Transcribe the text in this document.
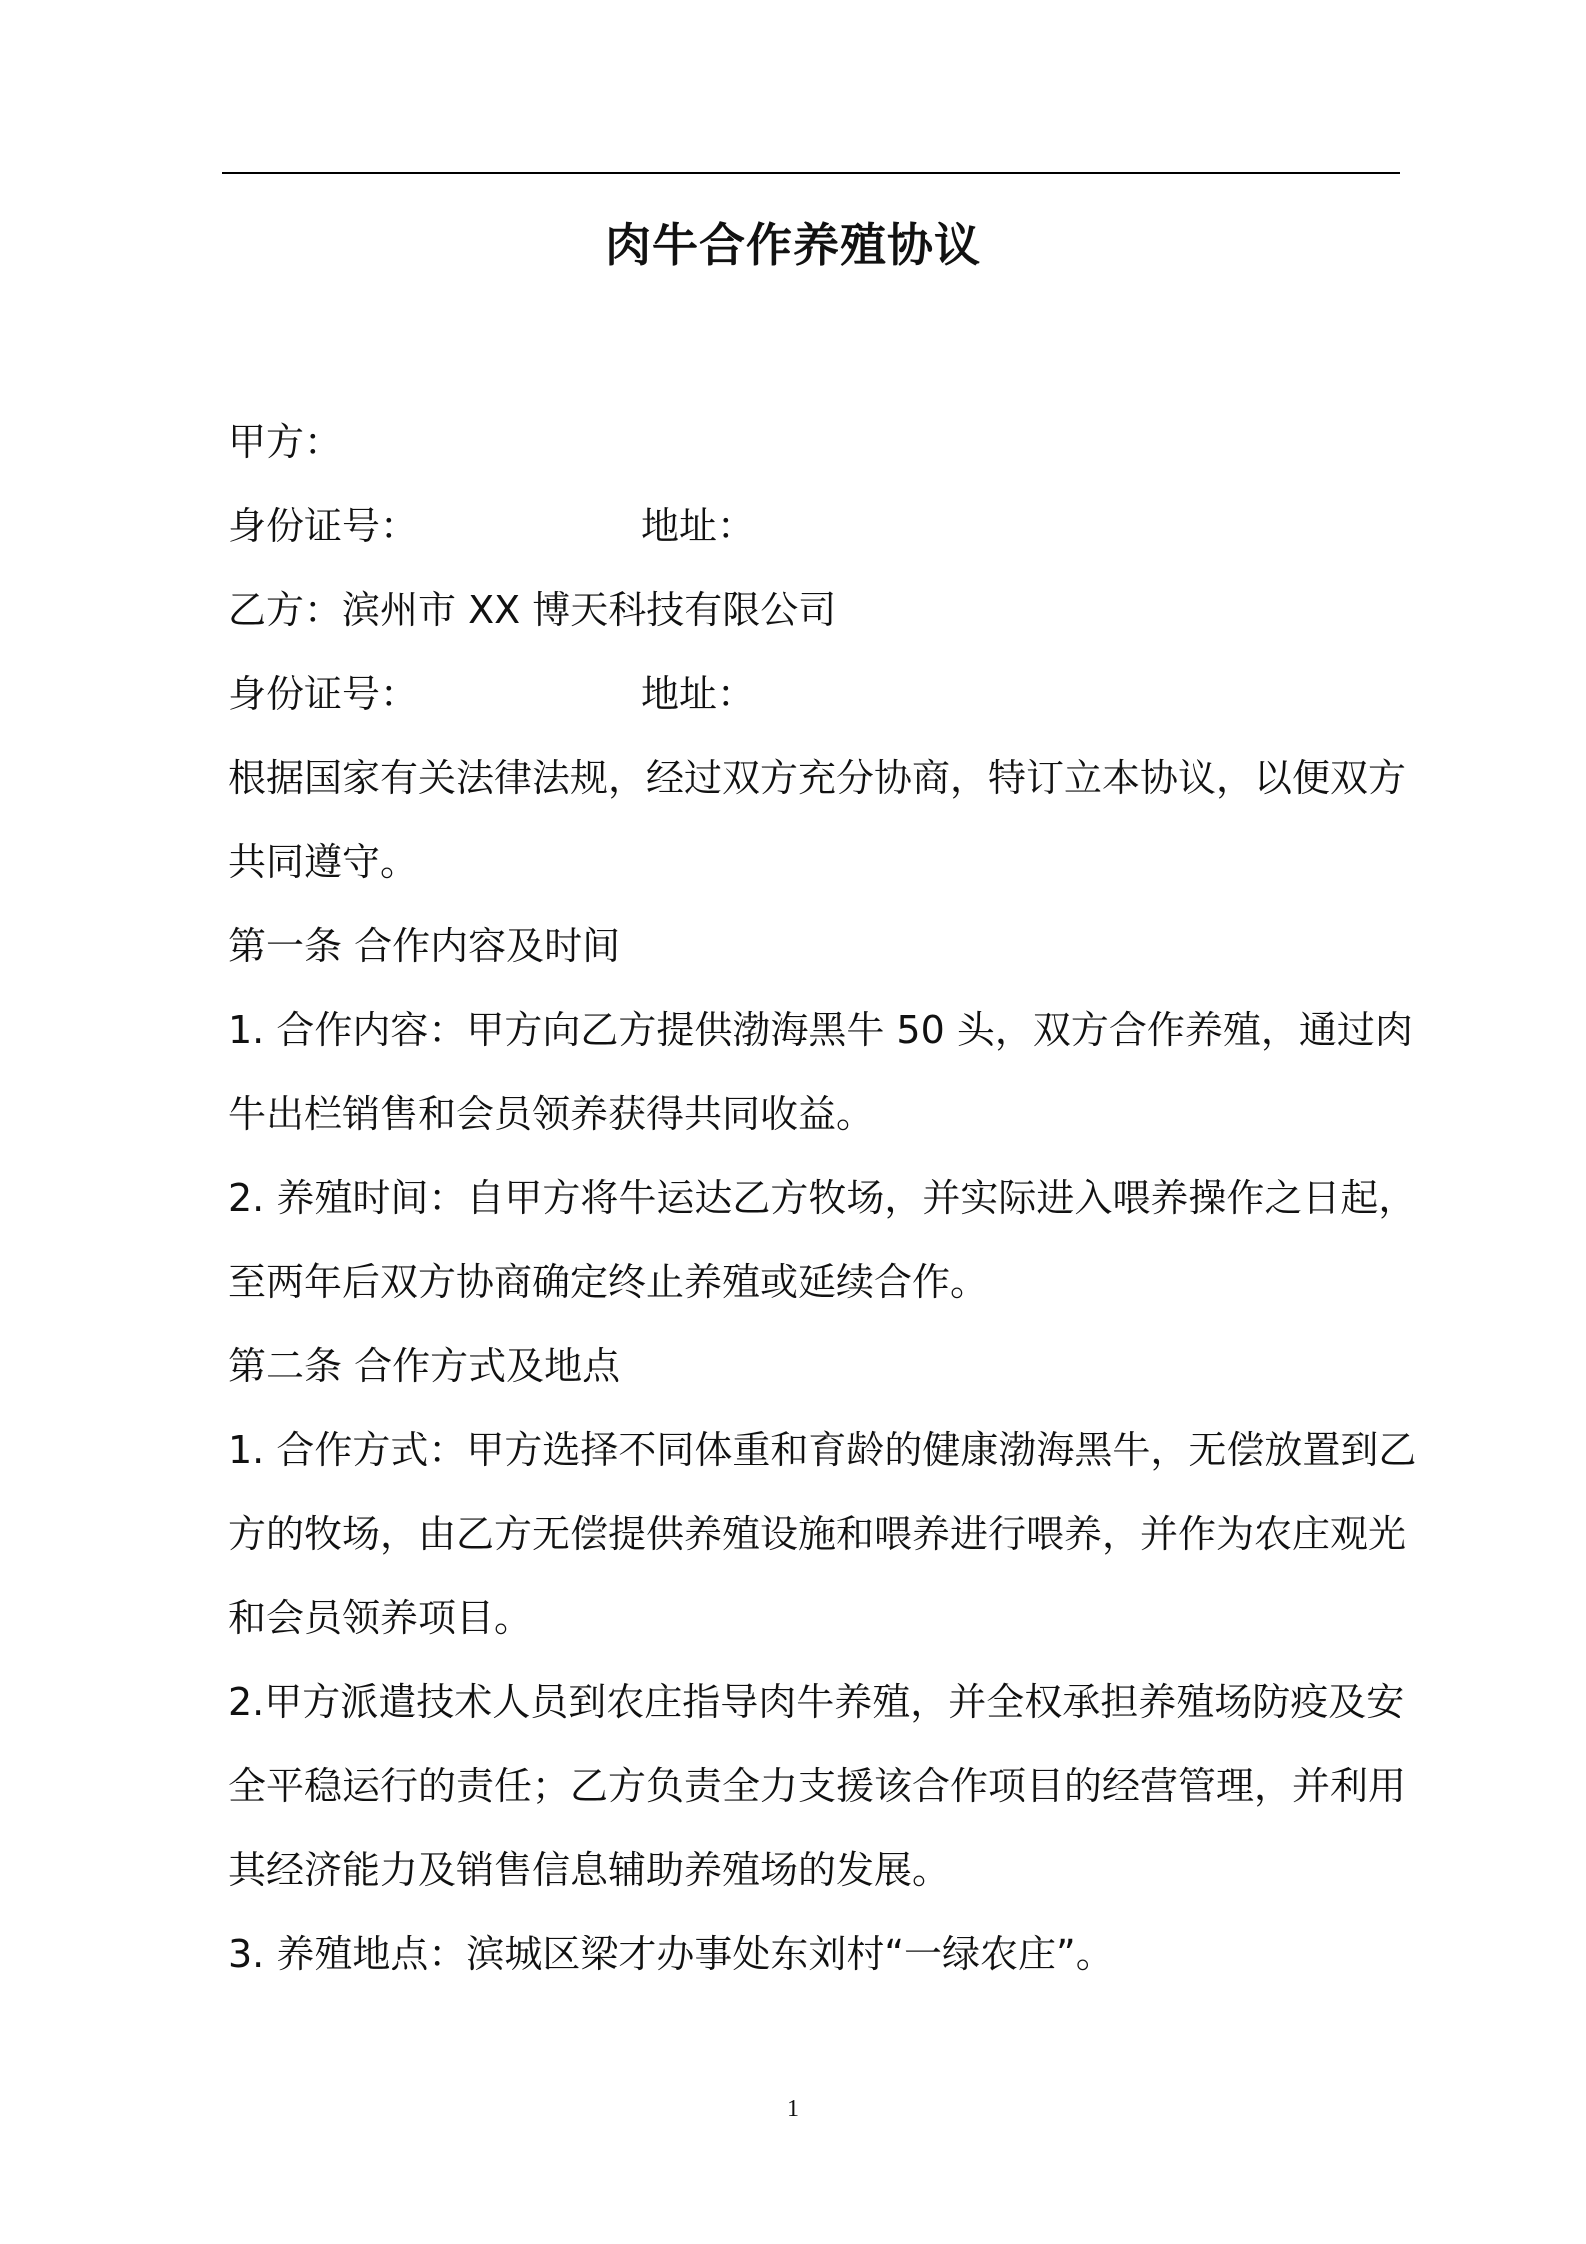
肉牛合作养殖协议
甲方：
身份证号：	地址：
乙方：滨州市 XX 博天科技有限公司
身份证号：	地址：
根据国家有关法律法规，经过双方充分协商，特订立本协议，以便双方
共同遵守。
第一条 合作内容及时间
1. 合作内容：甲方向乙方提供渤海黑牛 50 头，双方合作养殖，通过肉
牛出栏销售和会员领养获得共同收益。
2. 养殖时间：自甲方将牛运达乙方牧场，并实际进入喂养操作之日起，
至两年后双方协商确定终止养殖或延续合作。
第二条 合作方式及地点
1. 合作方式：甲方选择不同体重和育龄的健康渤海黑牛，无偿放置到乙
方的牧场，由乙方无偿提供养殖设施和喂养进行喂养，并作为农庄观光
和会员领养项目。
2.甲方派遣技术人员到农庄指导肉牛养殖，并全权承担养殖场防疫及安
全平稳运行的责任；乙方负责全力支援该合作项目的经营管理，并利用
其经济能力及销售信息辅助养殖场的发展。
3. 养殖地点：滨城区梁才办事处东刘村“一绿农庄”。
1
